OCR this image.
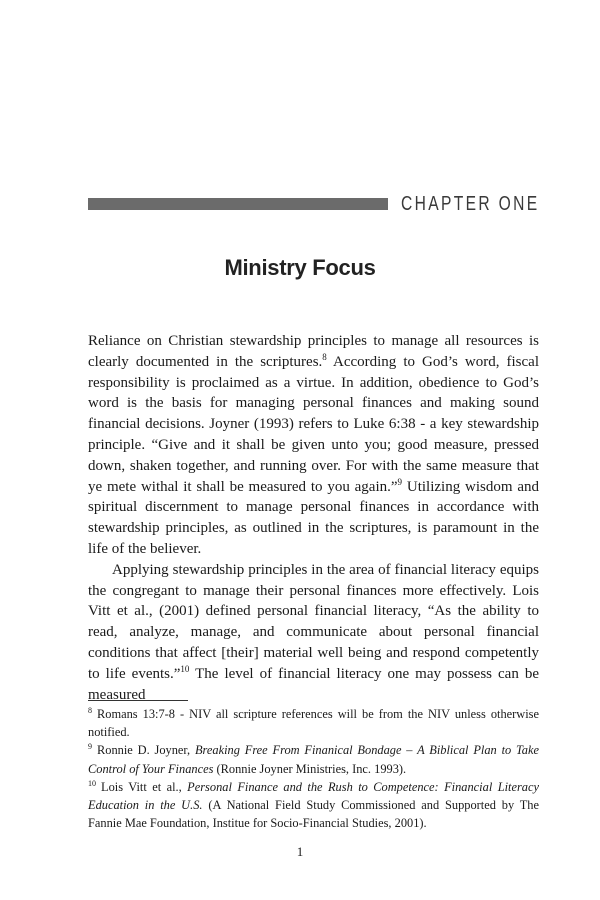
CHAPTER ONE
Ministry Focus

Reliance on Christian stewardship principles to manage all resources is clearly documented in the scriptures.$^8$ According to God’s word, fiscal responsibility is proclaimed as a virtue. In addition, obedience to God’s word is the basis for managing personal finances and making sound financial decisions. Joyner (1993) refers to Luke 6:38 - a key stewardship principle. “Give and it shall be given unto you; good measure, pressed down, shaken together, and running over. For with the same measure that ye mete withal it shall be measured to you again.”$^9$ Utilizing wisdom and spiritual discernment to manage personal finances in accordance with stewardship principles, as outlined in the scriptures, is paramount in the life of the believer.

Applying stewardship principles in the area of financial literacy equips the congregant to manage their personal finances more effectively. Lois Vitt et al., (2001) defined personal financial literacy, “As the ability to read, analyze, manage, and communicate about personal financial conditions that affect [their] material well being and respond competently to life events.”$^{10}$ The level of financial literacy one may possess can be measured

$^8$ Romans 13:7-8 - NIV all scripture references will be from the NIV unless otherwise notified.

$^9$ Ronnie D. Joyner, Breaking Free From Finanical Bondage – A Biblical Plan to Take Control of Your Finances (Ronnie Joyner Ministries, Inc. 1993).

$^{10}$ Lois Vitt et al., Personal Finance and the Rush to Competence: Financial Literacy Education in the U.S. (A National Field Study Commissioned and Supported by The Fannie Mae Foundation, Institue for Socio-Financial Studies, 2001).

1
